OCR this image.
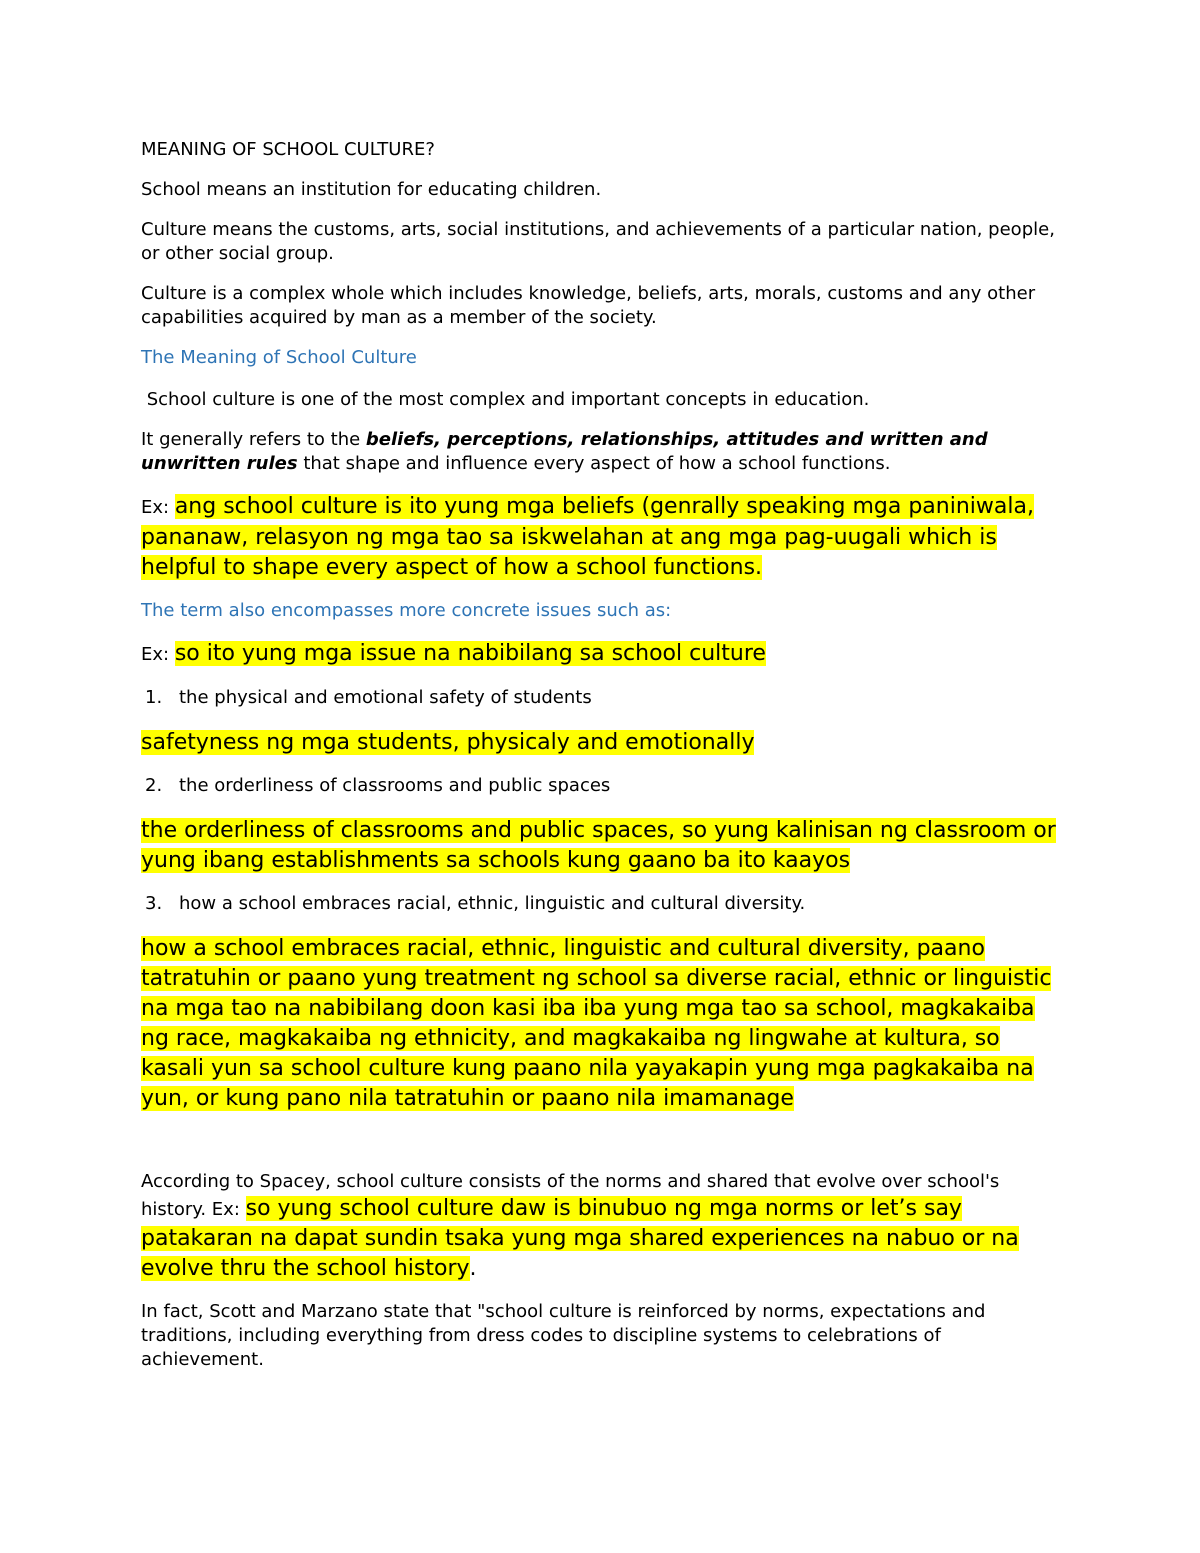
MEANING OF SCHOOL CULTURE?

School means an institution for educating children.

Culture means the customs, arts, social institutions, and achievements of a particular nation, people, or other social group.

Culture is a complex whole which includes knowledge, beliefs, arts, morals, customs and any other capabilities acquired by man as a member of the society.

The Meaning of School Culture

School culture is one of the most complex and important concepts in education.

It generally refers to the beliefs, perceptions, relationships, attitudes and written and unwritten rules that shape and influence every aspect of how a school functions.

Ex: ang school culture is ito yung mga beliefs (genrally speaking mga paniniwala, pananaw, relasyon ng mga tao sa iskwelahan at ang mga pag-uugali which is helpful to shape every aspect of how a school functions.

The term also encompasses more concrete issues such as:

Ex: so ito yung mga issue na nabibilang sa school culture

1. the physical and emotional safety of students

safetyness ng mga students, physicaly and emotionally

2. the orderliness of classrooms and public spaces

the orderliness of classrooms and public spaces, so yung kalinisan ng classroom or yung ibang establishments sa schools kung gaano ba ito kaayos

3. how a school embraces racial, ethnic, linguistic and cultural diversity.

how a school embraces racial, ethnic, linguistic and cultural diversity, paano tatratuhin or paano yung treatment ng school sa diverse racial, ethnic or linguistic na mga tao na nabibilang doon kasi iba iba yung mga tao sa school, magkakaiba ng race, magkakaiba ng ethnicity, and magkakaiba ng lingwahe at kultura, so kasali yun sa school culture kung paano nila yayakapin yung mga pagkakaiba na yun, or kung pano nila tatratuhin or paano nila imamanage

According to Spacey, school culture consists of the norms and shared that evolve over school's history. Ex: so yung school culture daw is binubuo ng mga norms or let’s say patakaran na dapat sundin tsaka yung mga shared experiences na nabuo or na evolve thru the school history.

In fact, Scott and Marzano state that "school culture is reinforced by norms, expectations and traditions, including everything from dress codes to discipline systems to celebrations of achievement.
